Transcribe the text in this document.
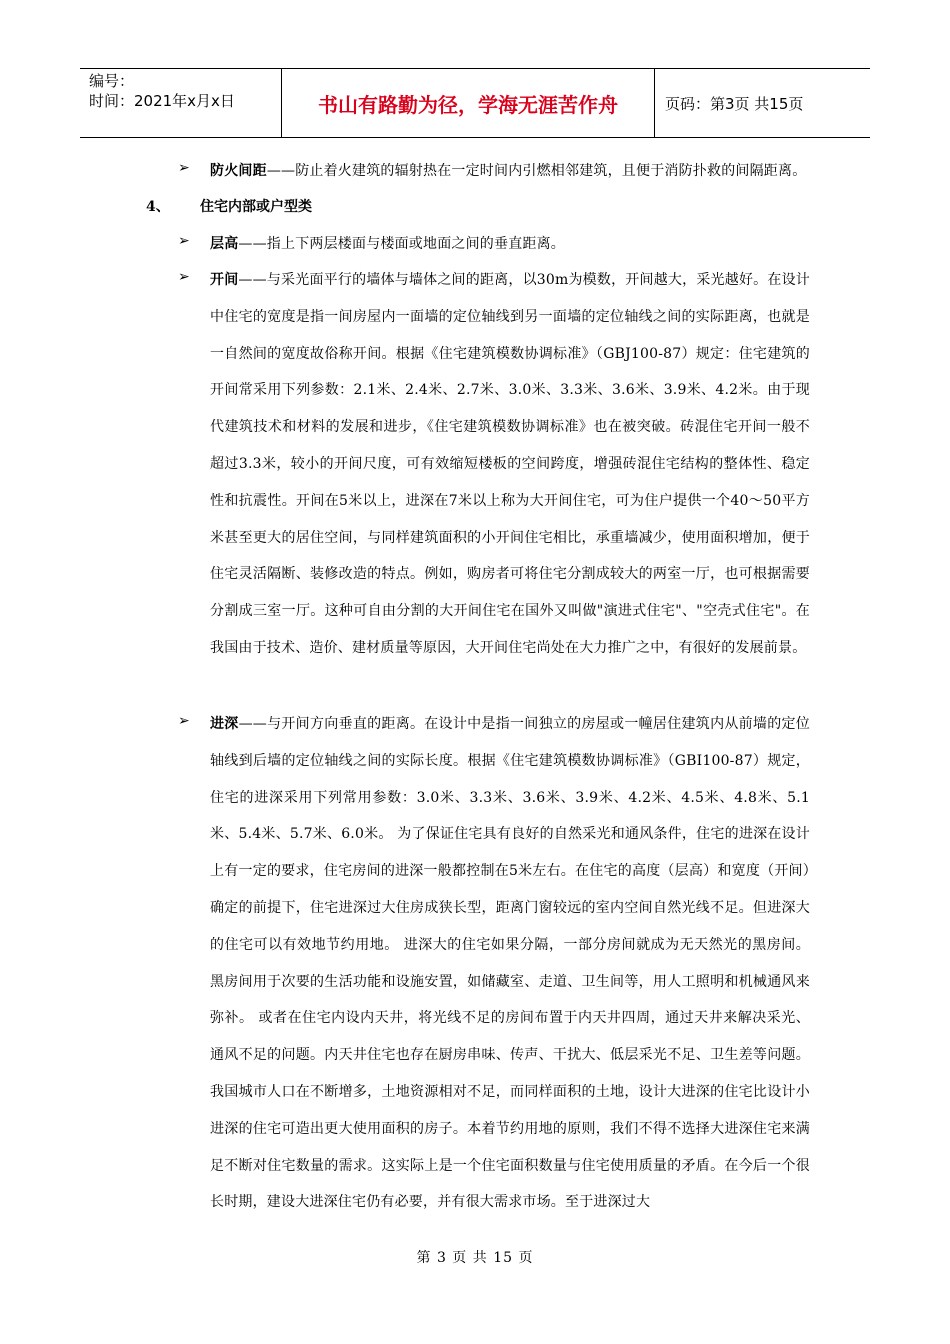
编号：
时间：2021年x月x日	书山有路勤为径，学海无涯苦作舟	页码：第3页 共15页
➢ 防火间距——防止着火建筑的辐射热在一定时间内引燃相邻建筑，且便于消防扑救的间隔距离。
4、 住宅内部或户型类
➢ 层高——指上下两层楼面与楼面或地面之间的垂直距离。
➢ 开间——与采光面平行的墙体与墙体之间的距离，以30m为模数，开间越大，采光越好。在设计中住宅的宽度是指一间房屋内一面墙的定位轴线到另一面墙的定位轴线之间的实际距离，也就是一自然间的宽度故俗称开间。根据《住宅建筑模数协调标准》（GBJ100-87）规定：住宅建筑的开间常采用下列参数：2.1米、2.4米、2.7米、3.0米、3.3米、3.6米、3.9米、4.2米。由于现代建筑技术和材料的发展和进步，《住宅建筑模数协调标准》也在被突破。砖混住宅开间一般不超过3.3米，较小的开间尺度，可有效缩短楼板的空间跨度，增强砖混住宅结构的整体性、稳定性和抗震性。开间在5米以上，进深在7米以上称为大开间住宅，可为住户提供一个40～50平方米甚至更大的居住空间，与同样建筑面积的小开间住宅相比，承重墙减少，使用面积增加，便于住宅灵活隔断、装修改造的特点。例如，购房者可将住宅分割成较大的两室一厅，也可根据需要分割成三室一厅。这种可自由分割的大开间住宅在国外又叫做"演进式住宅"、"空壳式住宅"。在我国由于技术、造价、建材质量等原因，大开间住宅尚处在大力推广之中，有很好的发展前景。
➢ 进深——与开间方向垂直的距离。在设计中是指一间独立的房屋或一幢居住建筑内从前墙的定位轴线到后墙的定位轴线之间的实际长度。根据《住宅建筑模数协调标准》（GBI100-87）规定，住宅的进深采用下列常用参数：3.0米、3.3米、3.6米、3.9米、4.2米、4.5米、4.8米、5.1米、5.4米、5.7米、6.0米。 为了保证住宅具有良好的自然采光和通风条件，住宅的进深在设计上有一定的要求，住宅房间的进深一般都控制在5米左右。在住宅的高度（层高）和宽度（开间）确定的前提下，住宅进深过大住房成狭长型，距离门窗较远的室内空间自然光线不足。但进深大的住宅可以有效地节约用地。 进深大的住宅如果分隔，一部分房间就成为无天然光的黑房间。黑房间用于次要的生活功能和设施安置，如储藏室、走道、卫生间等，用人工照明和机械通风来弥补。 或者在住宅内设内天井，将光线不足的房间布置于内天井四周，通过天井来解决采光、通风不足的问题。内天井住宅也存在厨房串味、传声、干扰大、低层采光不足、卫生差等问题。 我国城市人口在不断增多，土地资源相对不足，而同样面积的土地，设计大进深的住宅比设计小进深的住宅可造出更大使用面积的房子。本着节约用地的原则，我们不得不选择大进深住宅来满足不断对住宅数量的需求。这实际上是一个住宅面积数量与住宅使用质量的矛盾。在今后一个很长时期，建设大进深住宅仍有必要，并有很大需求市场。至于进深过大
第 3 页 共 15 页
